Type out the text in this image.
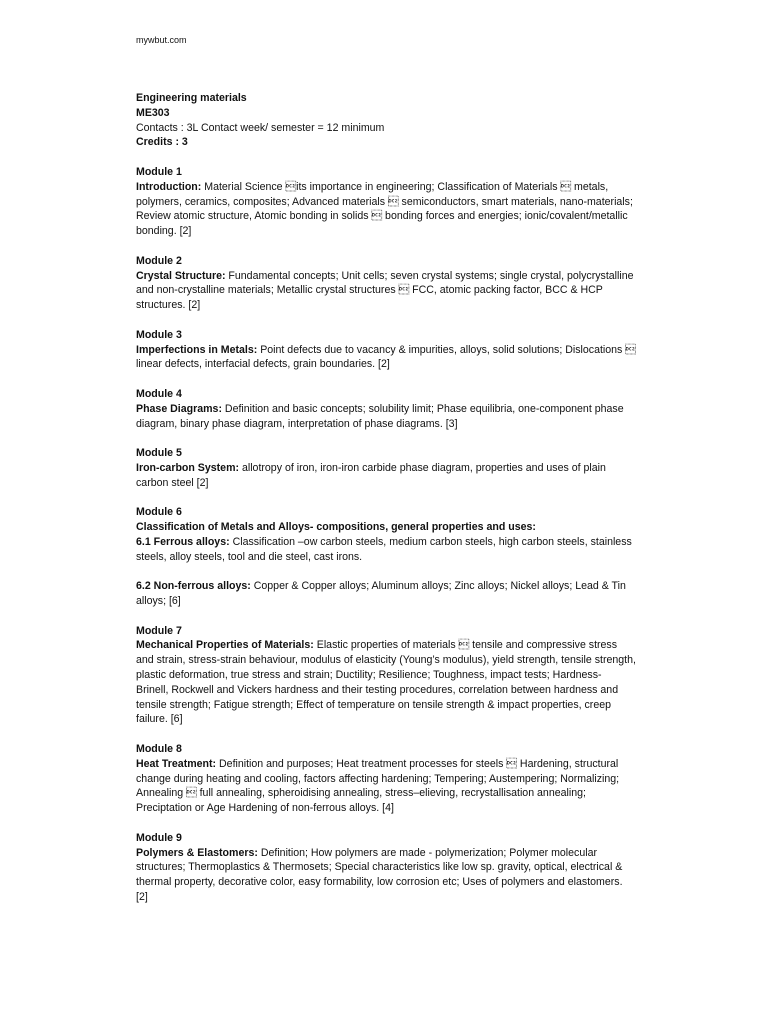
mywbut.com

Engineering materials

ME303

Contacts : 3L Contact week/ semester = 12 minimum

Credits : 3

Module 1

Introduction: Material Science its importance in engineering; Classification of Materials  metals, polymers, ceramics, composites; Advanced materials  semiconductors, smart materials, nano-materials; Review atomic structure, Atomic bonding in solids  bonding forces and energies; ionic/covalent/metallic bonding. [2]

Module 2

Crystal Structure: Fundamental concepts; Unit cells; seven crystal systems; single crystal, polycrystalline and non-crystalline materials; Metallic crystal structures  FCC, atomic packing factor, BCC & HCP structures. [2]

Module 3

Imperfections in Metals: Point defects due to vacancy & impurities, alloys, solid solutions; Dislocations  linear defects, interfacial defects, grain boundaries. [2]

Module 4

Phase Diagrams: Definition and basic concepts; solubility limit; Phase equilibria, one-component phase diagram, binary phase diagram, interpretation of phase diagrams. [3]

Module 5

Iron-carbon System: allotropy of iron, iron-iron carbide phase diagram, properties and uses of plain carbon steel [2]

Module 6

Classification of Metals and Alloys- compositions, general properties and uses:

6.1 Ferrous alloys: Classification –ow carbon steels, medium carbon steels, high carbon steels, stainless steels, alloy steels, tool and die steel, cast irons.

6.2 Non-ferrous alloys: Copper & Copper alloys; Aluminum alloys; Zinc alloys; Nickel alloys; Lead & Tin alloys; [6]

Module 7

Mechanical Properties of Materials: Elastic properties of materials  tensile and compressive stress and strain, stress-strain behaviour, modulus of elasticity (Young’s modulus), yield strength, tensile strength, plastic deformation, true stress and strain; Ductility; Resilience; Toughness, impact tests; Hardness- Brinell, Rockwell and Vickers hardness and their testing procedures, correlation between hardness and tensile strength; Fatigue strength; Effect of temperature on tensile strength & impact properties, creep failure. [6]

Module 8

Heat Treatment: Definition and purposes; Heat treatment processes for steels  Hardening, structural change during heating and cooling, factors affecting hardening; Tempering; Austempering; Normalizing; Annealing  full annealing, spheroidising annealing, stress–elieving, recrystallisation annealing; Preciptation or Age Hardening of non-ferrous alloys. [4]

Module 9

Polymers & Elastomers: Definition; How polymers are made - polymerization; Polymer molecular structures; Thermoplastics & Thermosets; Special characteristics like low sp. gravity, optical, electrical & thermal property, decorative color, easy formability, low corrosion etc; Uses of polymers and elastomers. [2]
